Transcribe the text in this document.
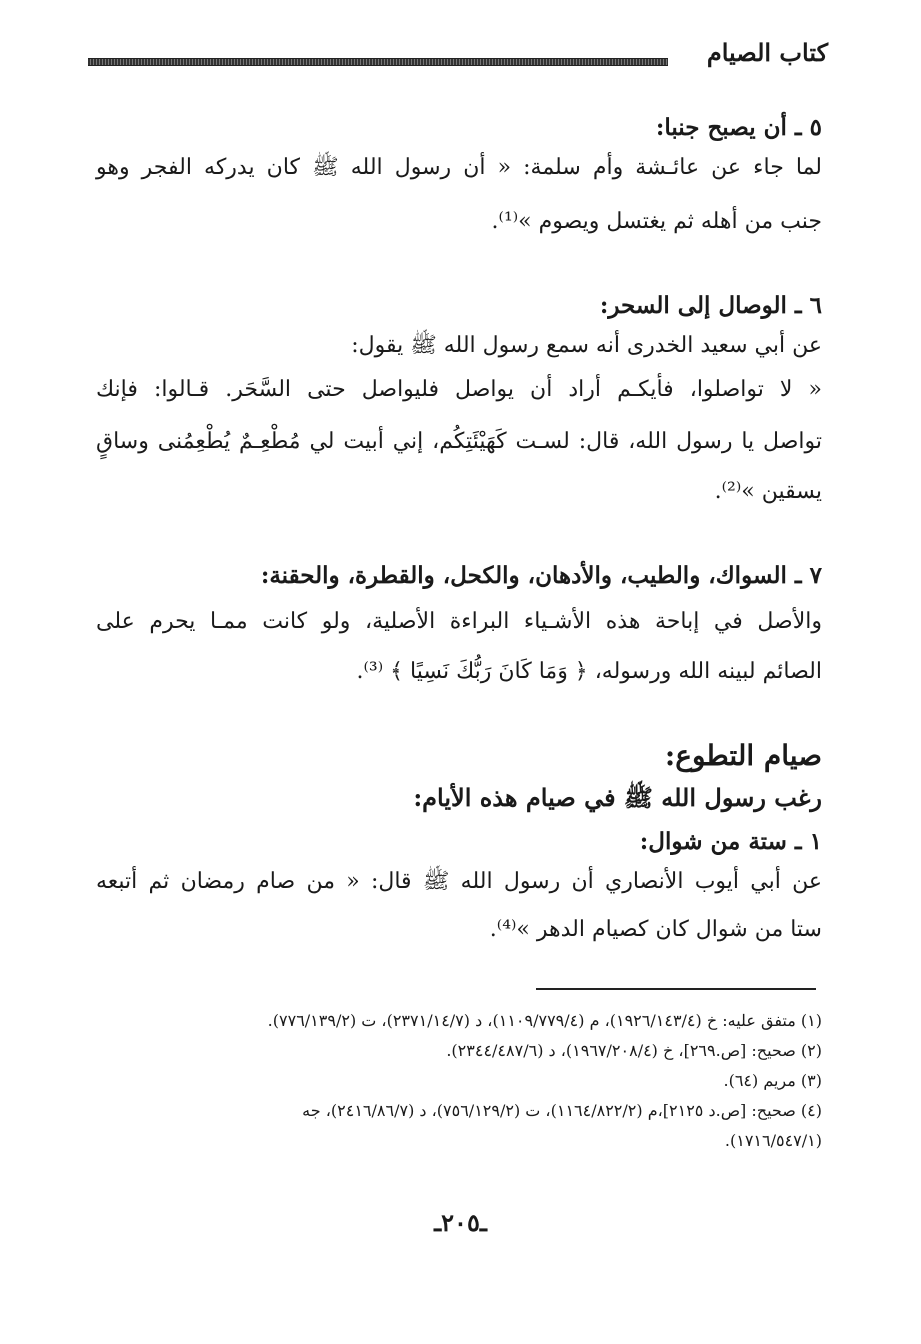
كتاب الصيام
٥ ـ أن يصبح جنبا:
لما جاء عن عائـشة وأم سلمة: « أن رسول الله ﷺ كان يدركه الفجر وهو
جنب من أهله ثم يغتسل ويصوم »⁽¹⁾.
٦ ـ الوصال إلى السحر:
عن أبي سعيد الخدرى أنه سمع رسول الله ﷺ يقول:
« لا تواصلوا، فأيكـم أراد أن يواصل فليواصل حتى السَّحَر. قـالوا: فإنك
تواصل يا رسول الله، قال: لسـت كَهَيْئَتِكُم، إني أبيت لي مُطْعِـمٌ يُطْعِمُنى وساقٍ
يسقين »⁽²⁾.
٧ ـ السواك، والطيب، والأدهان، والكحل، والقطرة، والحقنة:
والأصل في إباحة هذه الأشـياء البراءة الأصلية، ولو كانت ممـا يحرم على
الصائم لبينه الله ورسوله، ﴿ وَمَا كَانَ رَبُّكَ نَسِيًا ﴾ ⁽³⁾.
صيام التطوع:
رغب رسول الله ﷺ في صيام هذه الأيام:
١ ـ ستة من شوال:
عن أبي أيوب الأنصاري أن رسول الله ﷺ قال: « من صام رمضان ثم أتبعه
ستا من شوال كان كصيام الدهر »⁽⁴⁾.
(١) متفق عليه: خ (١٩٢٦/١٤٣/٤)، م (١١٠٩/٧٧٩/٤)، د (٢٣٧١/١٤/٧)، ت (٧٧٦/١٣٩/٢).
(٢) صحيح: [ص.٢٦٩]، خ (١٩٦٧/٢٠٨/٤)، د (٢٣٤٤/٤٨٧/٦).
(٣) مريم (٦٤).
(٤) صحيح: [ص.د ٢١٢٥]،م (١١٦٤/٨٢٢/٢)، ت (٧٥٦/١٢٩/٢)، د (٢٤١٦/٨٦/٧)، جه
(١٧١٦/٥٤٧/١).
ـ٢٠٥ـ
